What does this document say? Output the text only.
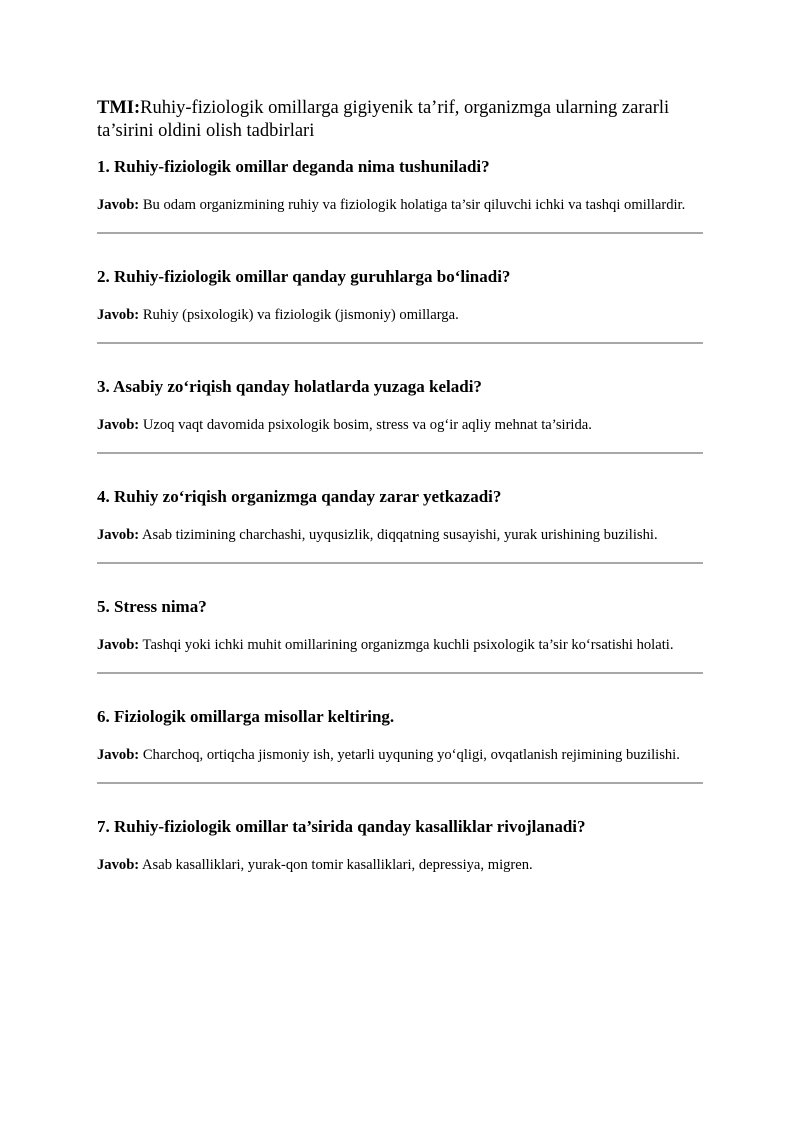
TMI:Ruhiy-fiziologik omillarga gigiyenik ta’rif, organizmga ularning zararli ta’sirini oldini olish tadbirlari

1. Ruhiy-fiziologik omillar deganda nima tushuniladi?

Javob: Bu odam organizmining ruhiy va fiziologik holatiga ta’sir qiluvchi ichki va tashqi omillardir.

2. Ruhiy-fiziologik omillar qanday guruhlarga bo‘linadi?

Javob: Ruhiy (psixologik) va fiziologik (jismoniy) omillarga.

3. Asabiy zo‘riqish qanday holatlarda yuzaga keladi?

Javob: Uzoq vaqt davomida psixologik bosim, stress va og‘ir aqliy mehnat ta’sirida.

4. Ruhiy zo‘riqish organizmga qanday zarar yetkazadi?

Javob: Asab tizimining charchashi, uyqusizlik, diqqatning susayishi, yurak urishining buzilishi.

5. Stress nima?

Javob: Tashqi yoki ichki muhit omillarining organizmga kuchli psixologik ta’sir ko‘rsatishi holati.

6. Fiziologik omillarga misollar keltiring.

Javob: Charchoq, ortiqcha jismoniy ish, yetarli uyquning yo‘qligi, ovqatlanish rejimining buzilishi.

7. Ruhiy-fiziologik omillar ta’sirida qanday kasalliklar rivojlanadi?

Javob: Asab kasalliklari, yurak-qon tomir kasalliklari, depressiya, migren.
